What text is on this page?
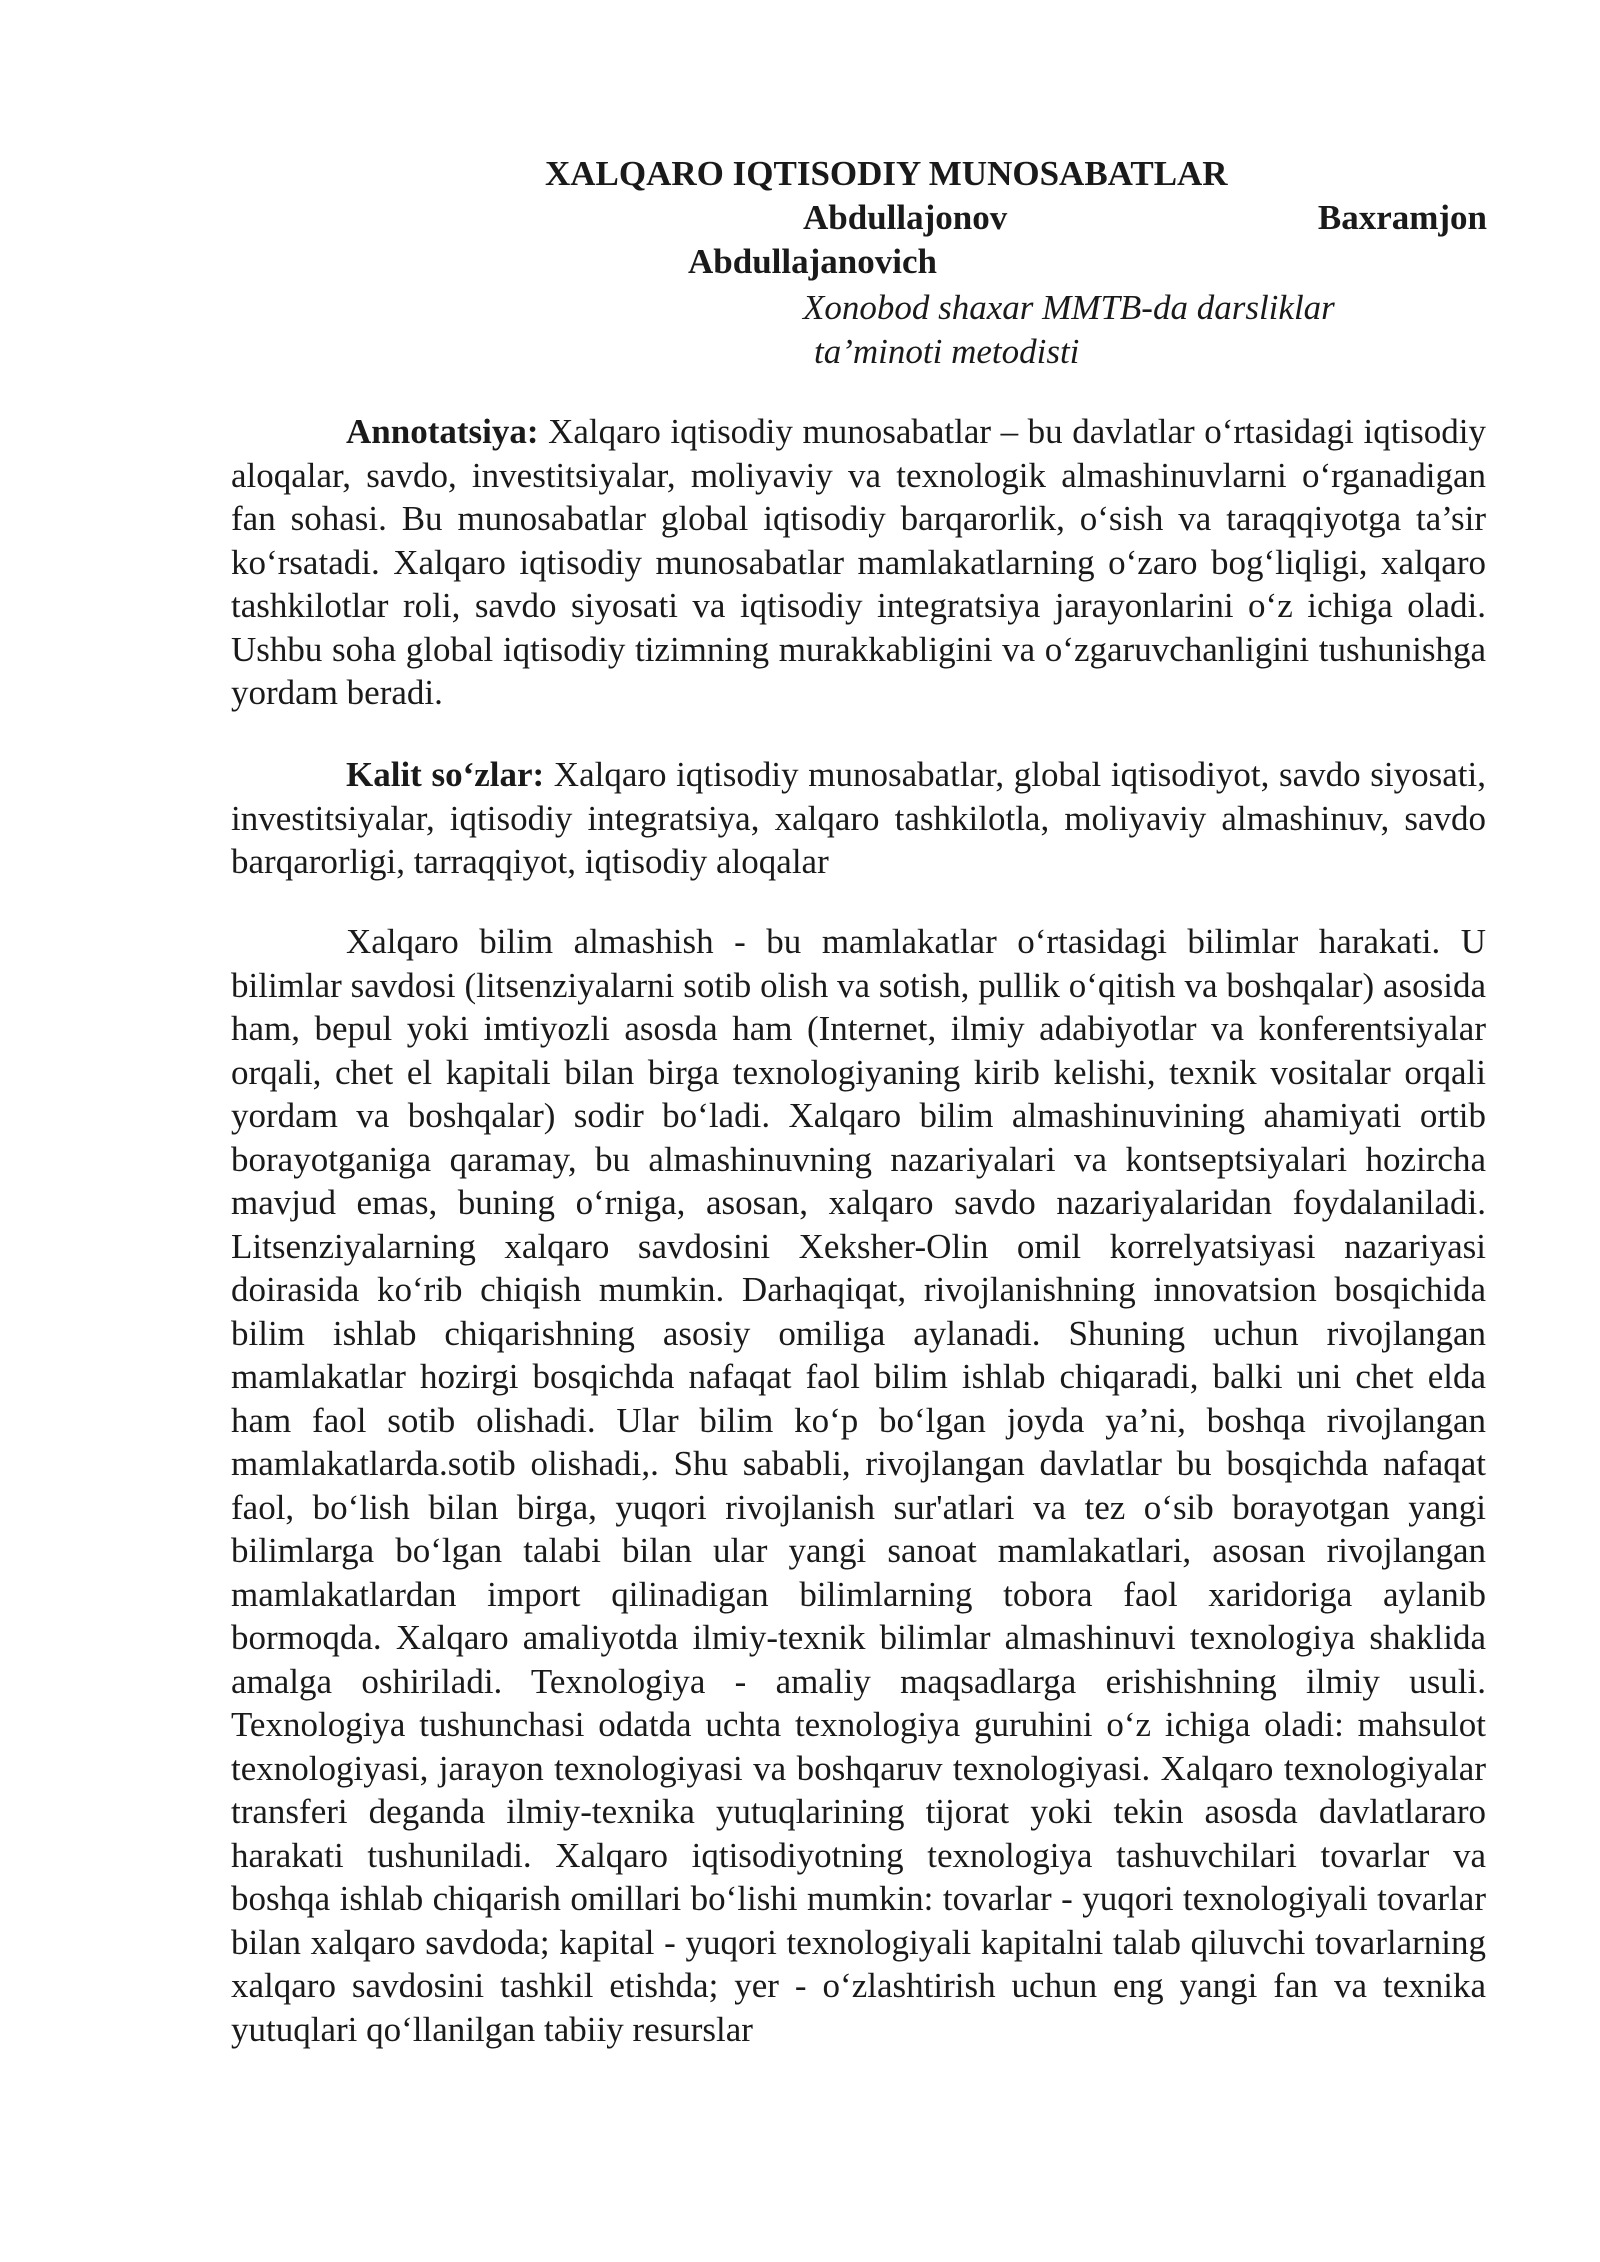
XALQARO IQTISODIY MUNOSABATLAR
Abdullajonov	Baxramjon
Abdullajanovich
Xonobod shaxar MMTB-da darsliklar
ta’minoti metodisti

Annotatsiya: Xalqaro iqtisodiy munosabatlar – bu davlatlar o‘rtasidagi iqtisodiy aloqalar, savdo, investitsiyalar, moliyaviy va texnologik almashinuvlarni o‘rganadigan fan sohasi. Bu munosabatlar global iqtisodiy barqarorlik, o‘sish va taraqqiyotga ta’sir ko‘rsatadi. Xalqaro iqtisodiy munosabatlar mamlakatlarning o‘zaro bog‘liqligi, xalqaro tashkilotlar roli, savdo siyosati va iqtisodiy integratsiya jarayonlarini o‘z ichiga oladi. Ushbu soha global iqtisodiy tizimning murakkabligini va o‘zgaruvchanligini tushunishga yordam beradi.

Kalit so‘zlar: Xalqaro iqtisodiy munosabatlar, global iqtisodiyot, savdo siyosati, investitsiyalar, iqtisodiy integratsiya, xalqaro tashkilotla, moliyaviy almashinuv, savdo barqarorligi, tarraqqiyot, iqtisodiy aloqalar

Xalqaro bilim almashish - bu mamlakatlar o‘rtasidagi bilimlar harakati. U bilimlar savdosi (litsenziyalarni sotib olish va sotish, pullik o‘qitish va boshqalar) asosida ham, bepul yoki imtiyozli asosda ham (Internet, ilmiy adabiyotlar va konferentsiyalar orqali, chet el kapitali bilan birga texnologiyaning kirib kelishi, texnik vositalar orqali yordam va boshqalar) sodir bo‘ladi. Xalqaro bilim almashinuvining ahamiyati ortib borayotganiga qaramay, bu almashinuvning nazariyalari va kontseptsiyalari hozircha mavjud emas, buning o‘rniga, asosan, xalqaro savdo nazariyalaridan foydalaniladi. Litsenziyalarning xalqaro savdosini Xeksher-Olin omil korrelyatsiyasi nazariyasi doirasida ko‘rib chiqish mumkin. Darhaqiqat, rivojlanishning innovatsion bosqichida bilim ishlab chiqarishning asosiy omiliga aylanadi. Shuning uchun rivojlangan mamlakatlar hozirgi bosqichda nafaqat faol bilim ishlab chiqaradi, balki uni chet elda ham faol sotib olishadi. Ular bilim ko‘p bo‘lgan joyda ya’ni, boshqa rivojlangan mamlakatlarda.sotib olishadi,. Shu sababli, rivojlangan davlatlar bu bosqichda nafaqat faol, bo‘lish bilan birga, yuqori rivojlanish sur'atlari va tez o‘sib borayotgan yangi bilimlarga bo‘lgan talabi bilan ular yangi sanoat mamlakatlari, asosan rivojlangan mamlakatlardan import qilinadigan bilimlarning tobora faol xaridoriga aylanib bormoqda. Xalqaro amaliyotda ilmiy-texnik bilimlar almashinuvi texnologiya shaklida amalga oshiriladi. Texnologiya - amaliy maqsadlarga erishishning ilmiy usuli. Texnologiya tushunchasi odatda uchta texnologiya guruhini o‘z ichiga oladi: mahsulot texnologiyasi, jarayon texnologiyasi va boshqaruv texnologiyasi. Xalqaro texnologiyalar transferi deganda ilmiy-texnika yutuqlarining tijorat yoki tekin asosda davlatlararo harakati tushuniladi. Xalqaro iqtisodiyotning texnologiya tashuvchilari tovarlar va boshqa ishlab chiqarish omillari bo‘lishi mumkin: tovarlar - yuqori texnologiyali tovarlar bilan xalqaro savdoda; kapital - yuqori texnologiyali kapitalni talab qiluvchi tovarlarning xalqaro savdosini tashkil etishda; yer - o‘zlashtirish uchun eng yangi fan va texnika yutuqlari qo‘llanilgan tabiiy resurslar
